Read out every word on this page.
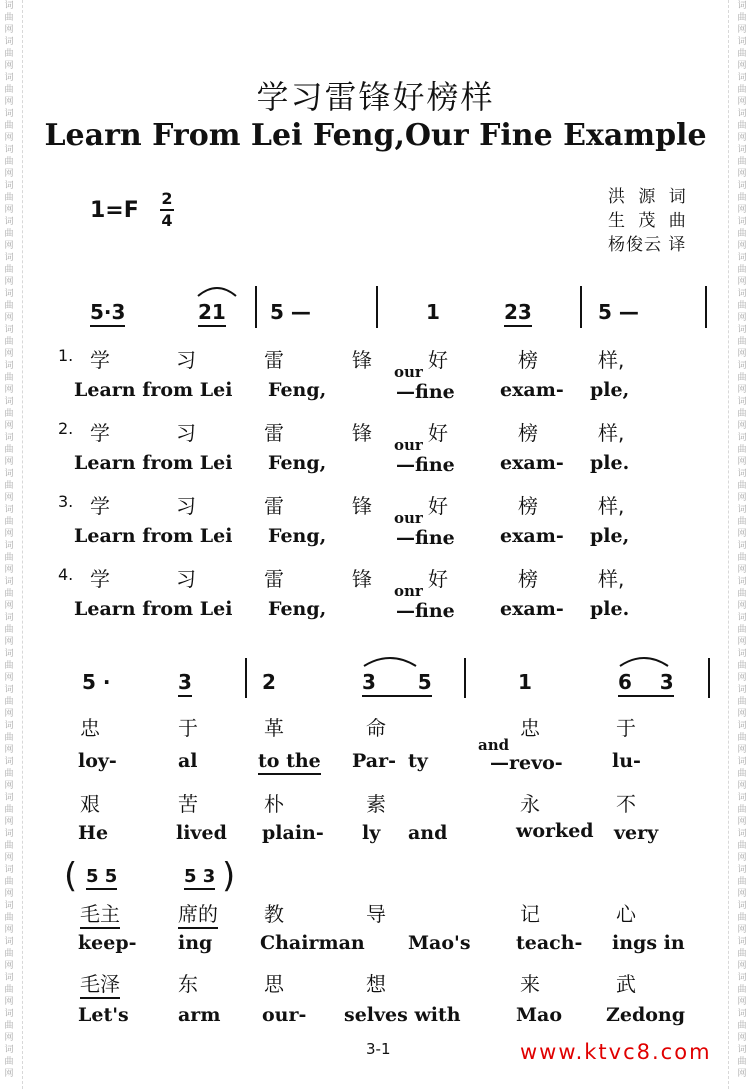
词曲网词曲网词曲网词曲网词曲网词曲网词曲网词曲网词曲网词曲网词曲网词曲网词曲网词曲网词曲网词曲网词曲网词曲网词曲网词曲网词曲网词曲网词曲网词曲网词曲网词曲网词曲网词曲网词曲网词曲网
词曲网词曲网词曲网词曲网词曲网词曲网词曲网词曲网词曲网词曲网词曲网词曲网词曲网词曲网词曲网词曲网词曲网词曲网词曲网词曲网词曲网词曲网词曲网词曲网词曲网词曲网词曲网词曲网词曲网词曲网
学习雷锋好榜样
Learn From Lei Feng,Our Fine Example
1=F 2
4
洪 源 词
生 茂 曲
杨俊云 译
5·3	21 5 —	1	23	5 —
1. 学	习	雷	锋	好	榜	样,
Learn from Lei Feng,
our
—fine exam- ple,
2. 学	习	雷	锋	好	榜	样,
Learn from Lei Feng,
our
—fine exam- ple.
3. 学	习	雷	锋	好	榜	样,
Learn from Lei Feng,
our
—fine exam- ple,
4. 学	习	雷	锋	好	榜	样,
Learn from Lei Feng,
onr
—fine exam- ple.
5 ·	3	2	3 5	1	6 3
忠	于	革	命	忠	于
loy-	al	to the Par- ty
and
—revo-	lu-
艰	苦	朴	素	永	不
He	lived plain- ly and	worked very
( 5 5	5 3 )
毛主	席的 教	导	记	心
keep- ing	Chairman Mao's teach- ings in
毛泽	东	思	想	来	武
Let's	arm our- selves with	Mao Zedong
3-1	www.ktvc8.com
